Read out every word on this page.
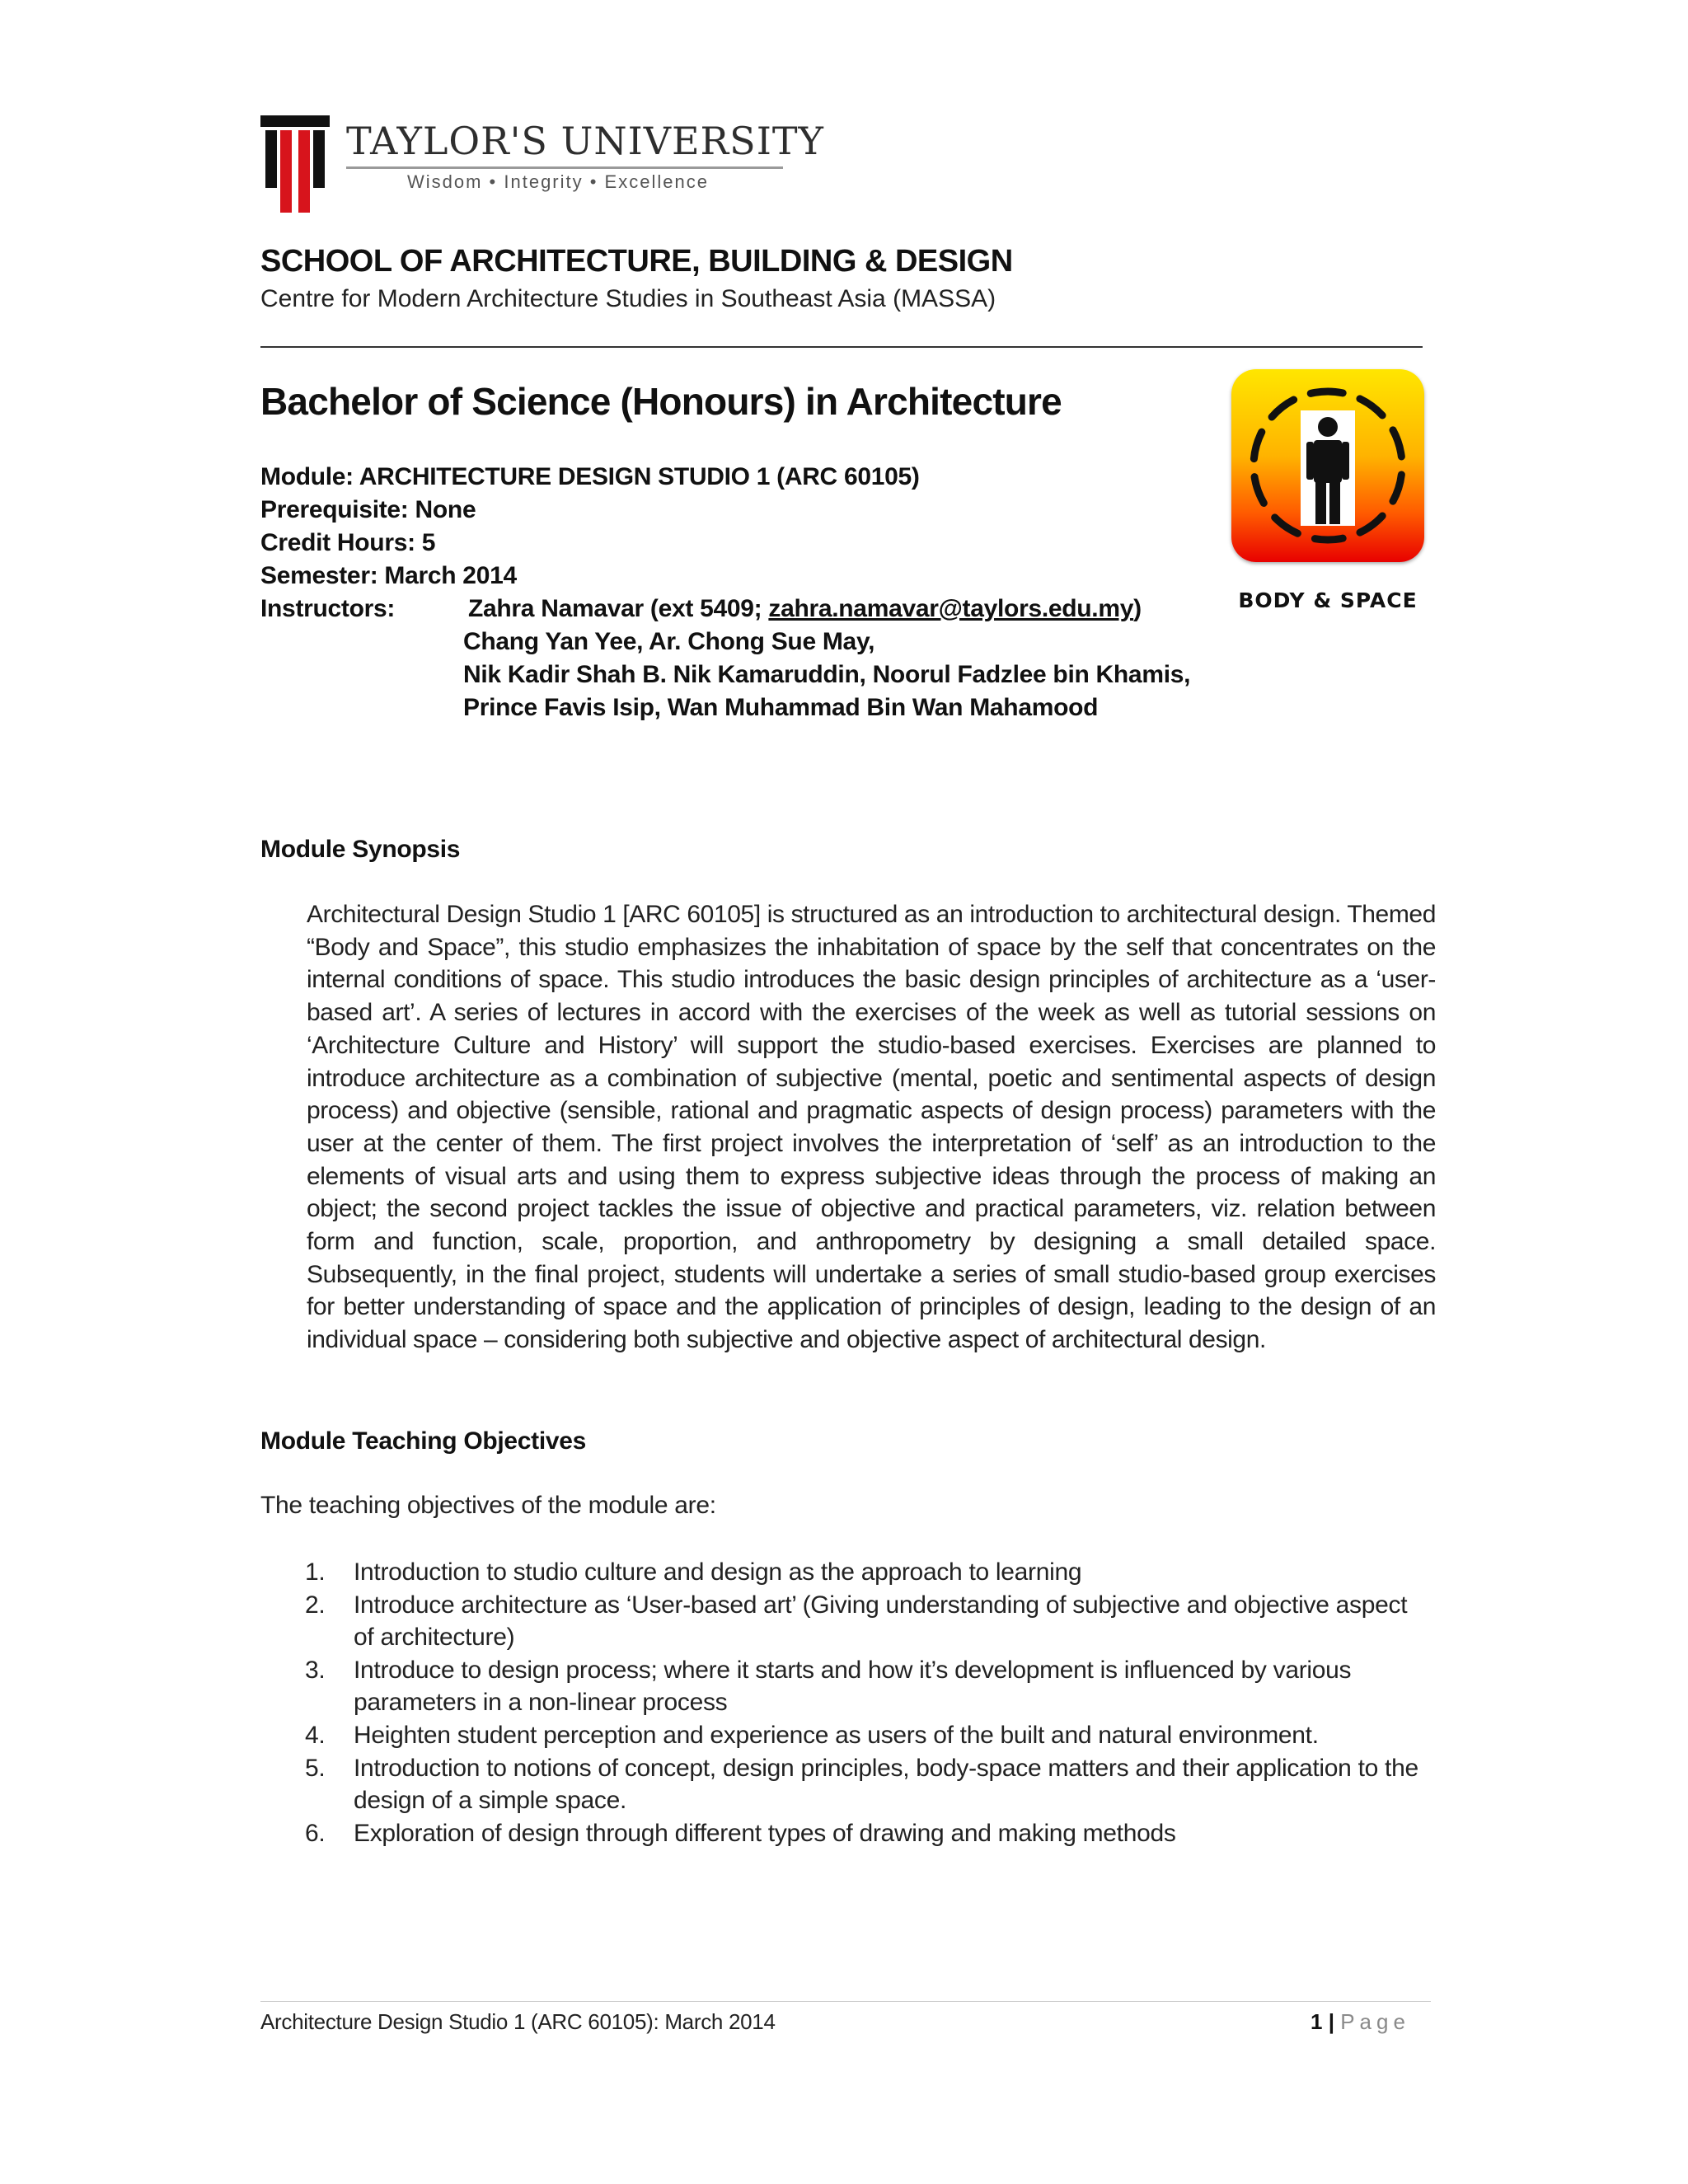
TAYLOR'S UNIVERSITY
Wisdom • Integrity • Excellence
SCHOOL OF ARCHITECTURE, BUILDING & DESIGN
Centre for Modern Architecture Studies in Southeast Asia (MASSA)
Bachelor of Science (Honours) in Architecture
Module: ARCHITECTURE DESIGN STUDIO 1 (ARC 60105)
Prerequisite: None
Credit Hours: 5
Semester: March 2014
Instructors:	Zahra Namavar (ext 5409; zahra.namavar@taylors.edu.my)
Chang Yan Yee, Ar. Chong Sue May,
Nik Kadir Shah B. Nik Kamaruddin, Noorul Fadzlee bin Khamis,
Prince Favis Isip, Wan Muhammad Bin Wan Mahamood
BODY & SPACE
Module Synopsis
Architectural Design Studio 1 [ARC 60105] is structured as an introduction to architectural design. Themed “Body and Space”, this studio emphasizes the inhabitation of space by the self that concentrates on the internal conditions of space. This studio introduces the basic design principles of architecture as a ‘user-based art’. A series of lectures in accord with the exercises of the week as well as tutorial sessions on ‘Architecture Culture and History’ will support the studio-based exercises. Exercises are planned to introduce architecture as a combination of subjective (mental, poetic and sentimental aspects of design process) and objective (sensible, rational and pragmatic aspects of design process) parameters with the user at the center of them. The first project involves the interpretation of ‘self’ as an introduction to the elements of visual arts and using them to express subjective ideas through the process of making an object; the second project tackles the issue of objective and practical parameters, viz. relation between form and function, scale, proportion, and anthropometry by designing a small detailed space. Subsequently, in the final project, students will undertake a series of small studio-based group exercises for better understanding of space and the application of principles of design, leading to the design of an individual space – considering both subjective and objective aspect of architectural design.
Module Teaching Objectives
The teaching objectives of the module are:
1. Introduction to studio culture and design as the approach to learning
2. Introduce architecture as ‘User-based art’ (Giving understanding of subjective and objective aspect of architecture)
3. Introduce to design process; where it starts and how it’s development is influenced by various parameters in a non-linear process
4. Heighten student perception and experience as users of the built and natural environment.
5. Introduction to notions of concept, design principles, body-space matters and their application to the design of a simple space.
6. Exploration of design through different types of drawing and making methods
Architecture Design Studio 1 (ARC 60105): March 2014	1 | Page
